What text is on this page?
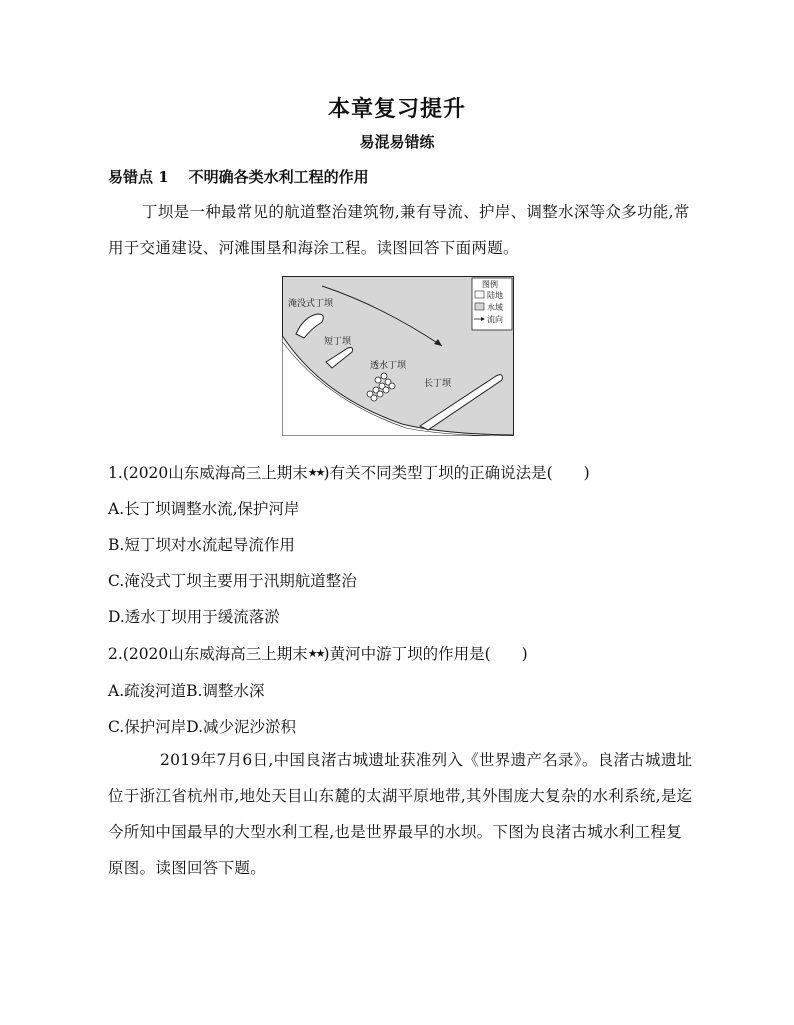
本章复习提升
易混易错练
易错点 1 不明确各类水利工程的作用
丁坝是一种最常见的航道整治建筑物,兼有导流、护岸、调整水深等众多功能,常用于交通建设、河滩围垦和海涂工程。读图回答下面两题。
淹没式丁坝
短丁坝
透水丁坝
长丁坝
图例
陆地
水域
流向
1.(2020山东威海高三上期末★★)有关不同类型丁坝的正确说法是(　　)
A.长丁坝调整水流,保护河岸
B.短丁坝对水流起导流作用
C.淹没式丁坝主要用于汛期航道整治
D.透水丁坝用于缓流落淤
2.(2020山东威海高三上期末★★)黄河中游丁坝的作用是(　　)
A.疏浚河道B.调整水深
C.保护河岸D.减少泥沙淤积
2019年7月6日,中国良渚古城遗址获准列入《世界遗产名录》。良渚古城遗址位于浙江省杭州市,地处天目山东麓的太湖平原地带,其外围庞大复杂的水利系统,是迄今所知中国最早的大型水利工程,也是世界最早的水坝。下图为良渚古城水利工程复原图。读图回答下题。
